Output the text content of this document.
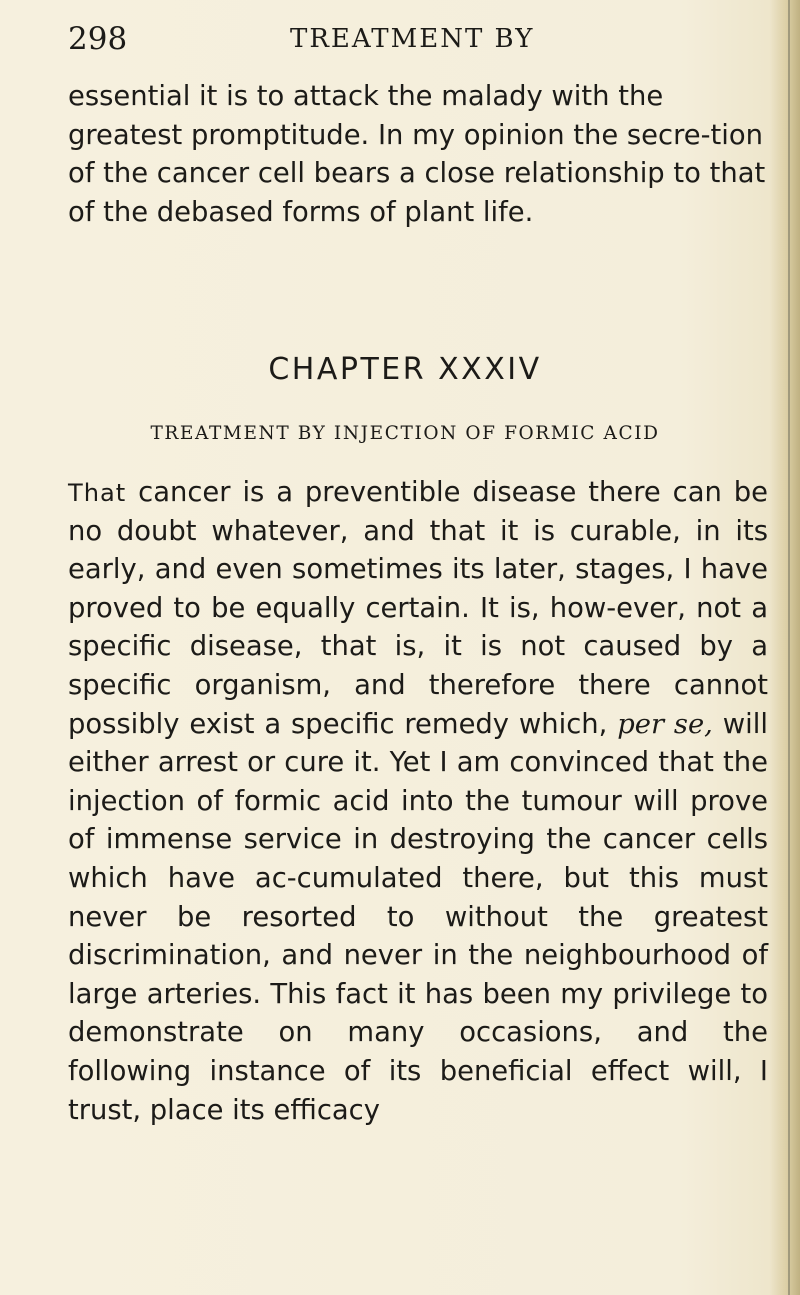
298	TREATMENT BY

essential it is to attack the malady with the greatest promptitude. In my opinion the secre-tion of the cancer cell bears a close relationship to that of the debased forms of plant life.

CHAPTER XXXIV
TREATMENT BY INJECTION OF FORMIC ACID

That cancer is a preventible disease there can be no doubt whatever, and that it is curable, in its early, and even sometimes its later, stages, I have proved to be equally certain. It is, how-ever, not a specific disease, that is, it is not caused by a specific organism, and therefore there cannot possibly exist a specific remedy which, per se, will either arrest or cure it. Yet I am convinced that the injection of formic acid into the tumour will prove of immense service in destroying the cancer cells which have ac-cumulated there, but this must never be resorted to without the greatest discrimination, and never in the neighbourhood of large arteries. This fact it has been my privilege to demonstrate on many occasions, and the following instance of its beneficial effect will, I trust, place its efficacy
